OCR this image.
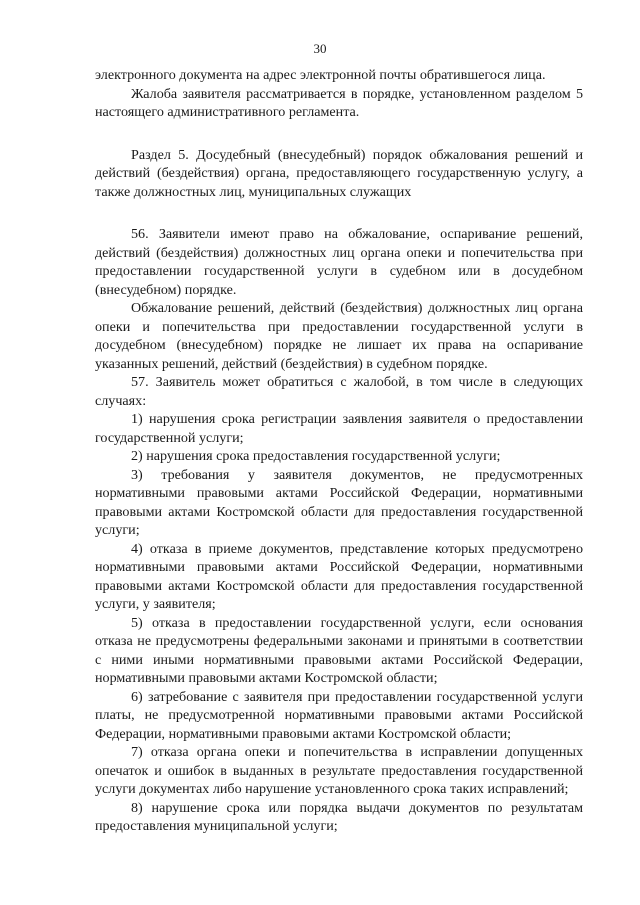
30

электронного документа на адрес электронной почты обратившегося лица.

Жалоба заявителя рассматривается в порядке, установленном разделом 5 настоящего административного регламента.

Раздел 5. Досудебный (внесудебный) порядок обжалования решений и действий (бездействия) органа, предоставляющего государственную услугу, а также должностных лиц, муниципальных служащих

56. Заявители имеют право на обжалование, оспаривание решений, действий (бездействия) должностных лиц органа опеки и попечительства при предоставлении государственной услуги в судебном или в досудебном (внесудебном) порядке.

Обжалование решений, действий (бездействия) должностных лиц органа опеки и попечительства при предоставлении государственной услуги в досудебном (внесудебном) порядке не лишает их права на оспаривание указанных решений, действий (бездействия) в судебном порядке.

57. Заявитель может обратиться с жалобой, в том числе в следующих случаях:

1) нарушения срока регистрации заявления заявителя о предоставлении государственной услуги;

2) нарушения срока предоставления государственной услуги;

3) требования у заявителя документов, не предусмотренных нормативными правовыми актами Российской Федерации, нормативными правовыми актами Костромской области для предоставления государственной услуги;

4) отказа в приеме документов, представление которых предусмотрено нормативными правовыми актами Российской Федерации, нормативными правовыми актами Костромской области для предоставления государственной услуги, у заявителя;

5) отказа в предоставлении государственной услуги, если основания отказа не предусмотрены федеральными законами и принятыми в соответствии с ними иными нормативными правовыми актами Российской Федерации, нормативными правовыми актами Костромской области;

6) затребование с заявителя при предоставлении государственной услуги платы, не предусмотренной нормативными правовыми актами Российской Федерации, нормативными правовыми актами Костромской области;

7) отказа органа опеки и попечительства в исправлении допущенных опечаток и ошибок в выданных в результате предоставления государственной услуги документах либо нарушение установленного срока таких исправлений;

8) нарушение срока или порядка выдачи документов по результатам предоставления муниципальной услуги;
